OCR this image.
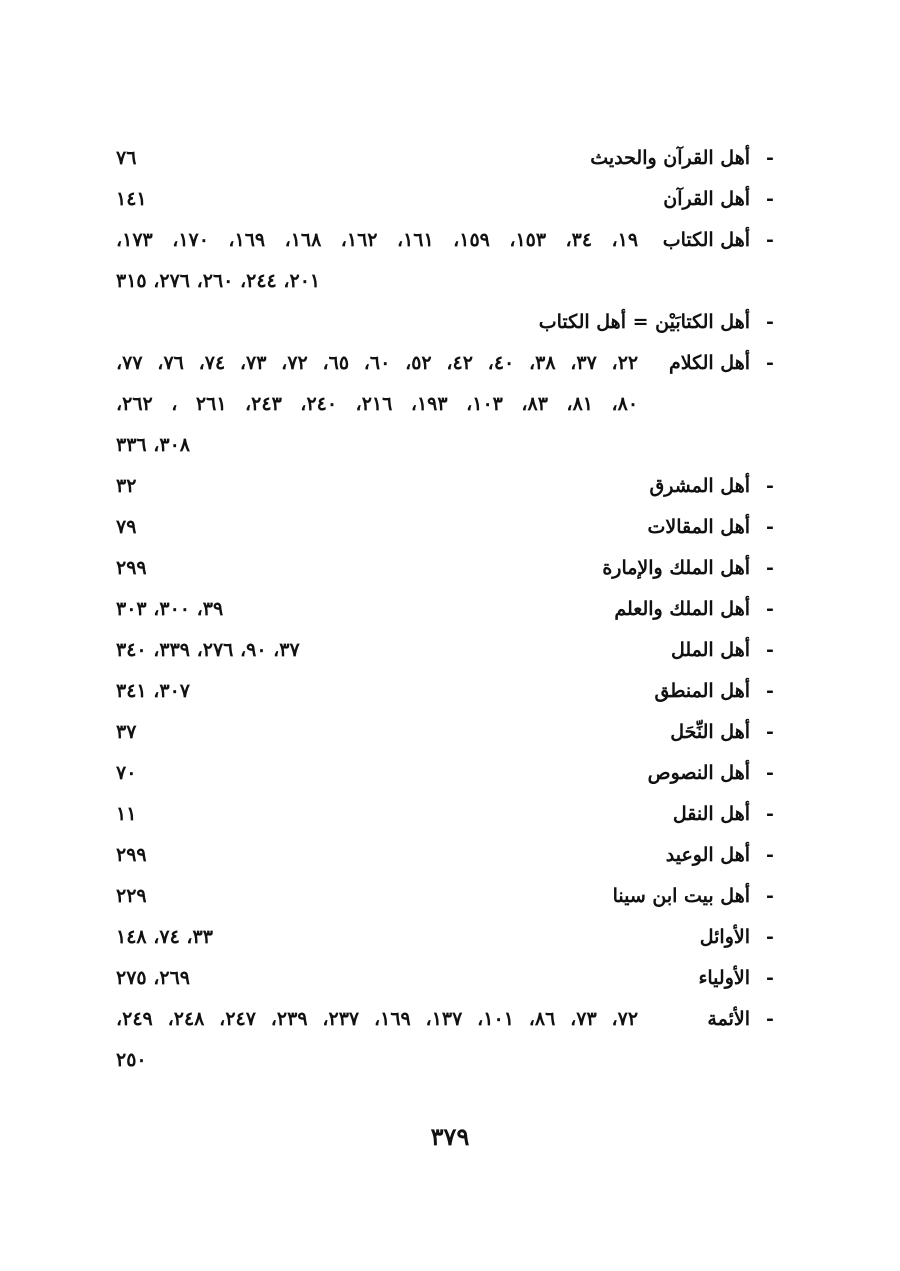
-
أهل القرآن والحديث
٧٦
-
أهل القرآن
١٤١
-
أهل الكتاب
١٩، ٣٤، ١٥٣، ١٥٩، ١٦١، ١٦٢، ١٦٨، ١٦٩، ١٧٠، ١٧٣،
٢٠١، ٢٤٤، ٢٦٠، ٢٧٦، ٣١٥
-
أهل الكتابَيْن = أهل الكتاب
-
أهل الكلام
٢٢، ٣٧، ٣٨، ٤٠، ٤٢، ٥٢، ٦٠، ٦٥، ٧٢، ٧٣، ٧٤، ٧٦، ٧٧،
٨٠، ٨١، ٨٣، ١٠٣، ١٩٣، ٢١٦، ٢٤٠، ٢٤٣، ٢٦١ ، ٢٦٢،
٣٠٨، ٣٣٦
-
أهل المشرق
٣٢
-
أهل المقالات
٧٩
-
أهل الملك والإمارة
٢٩٩
-
أهل الملك والعلم
٣٩، ٣٠٠، ٣٠٣
-
أهل الملل
٣٧، ٩٠، ٢٧٦، ٣٣٩، ٣٤٠
-
أهل المنطق
٣٠٧، ٣٤١
-
أهل النِّحَل
٣٧
-
أهل النصوص
٧٠
-
أهل النقل
١١
-
أهل الوعيد
٢٩٩
-
أهل بيت ابن سينا
٢٢٩
-
الأوائل
٣٣، ٧٤، ١٤٨
-
الأولياء
٢٦٩، ٢٧٥
-
الأئمة
٧٢، ٧٣، ٨٦، ١٠١، ١٣٧، ١٦٩، ٢٣٧، ٢٣٩، ٢٤٧، ٢٤٨، ٢٤٩،
٢٥٠
٣٧٩
